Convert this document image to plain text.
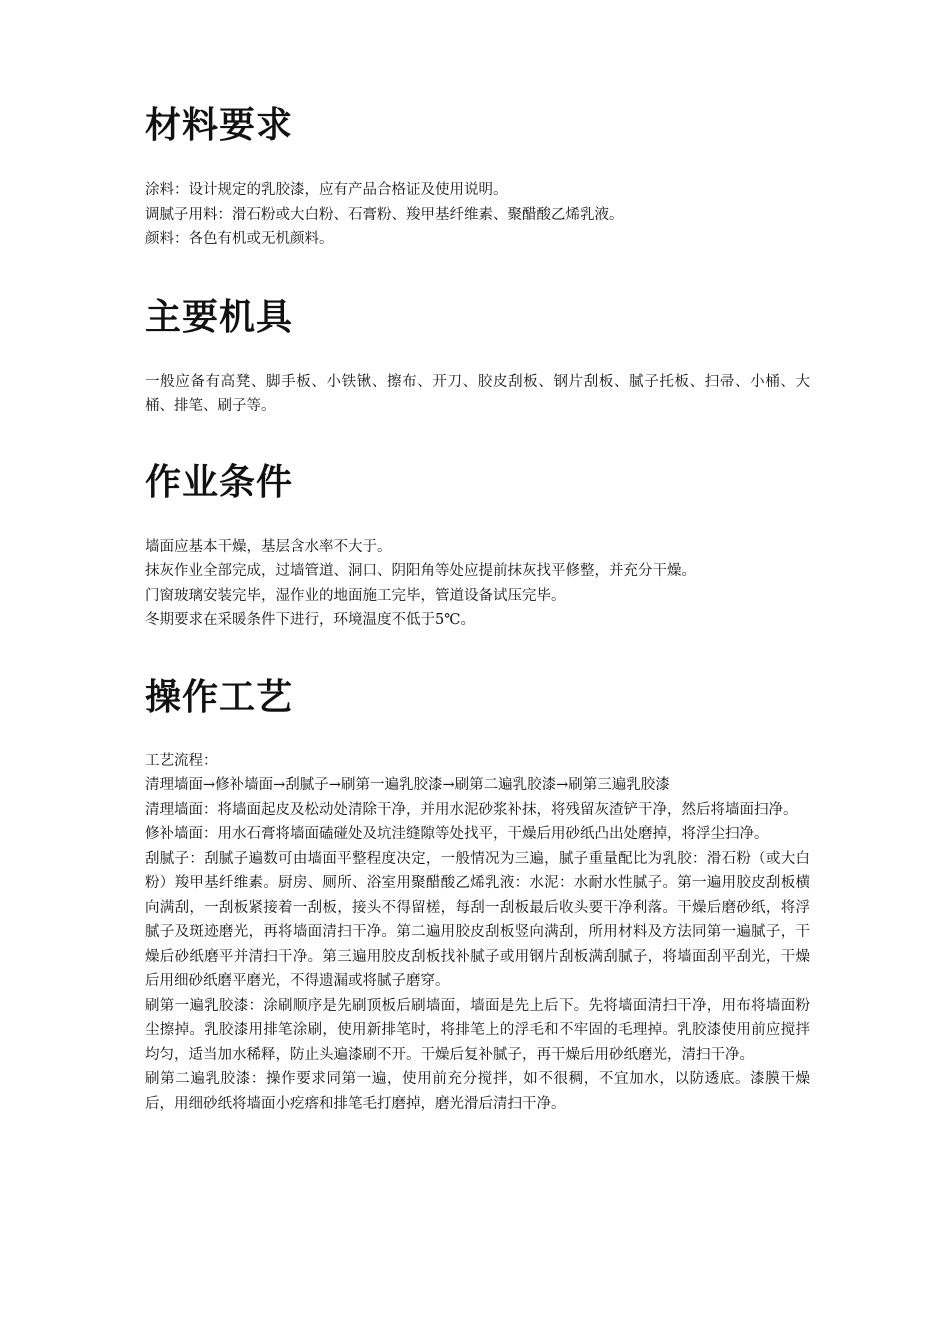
材料要求

涂料：设计规定的乳胶漆，应有产品合格证及使用说明。

调腻子用料：滑石粉或大白粉、石膏粉、羧甲基纤维素、聚醋酸乙烯乳液。

颜料：各色有机或无机颜料。

主要机具

一般应备有高凳、脚手板、小铁锹、擦布、开刀、胶皮刮板、钢片刮板、腻子托板、扫帚、小桶、大桶、排笔、刷子等。

作业条件

墙面应基本干燥，基层含水率不大于。

抹灰作业全部完成，过墙管道、洞口、阴阳角等处应提前抹灰找平修整，并充分干燥。

门窗玻璃安装完毕，湿作业的地面施工完毕，管道设备试压完毕。

冬期要求在采暖条件下进行，环境温度不低于5℃。

操作工艺

工艺流程：

清理墙面→修补墙面→刮腻子→刷第一遍乳胶漆→刷第二遍乳胶漆→刷第三遍乳胶漆

清理墙面：将墙面起皮及松动处清除干净，并用水泥砂浆补抹，将残留灰渣铲干净，然后将墙面扫净。

修补墙面：用水石膏将墙面磕碰处及坑洼缝隙等处找平，干燥后用砂纸凸出处磨掉，将浮尘扫净。

刮腻子：刮腻子遍数可由墙面平整程度决定，一般情况为三遍，腻子重量配比为乳胶：滑石粉（或大白粉）羧甲基纤维素。厨房、厕所、浴室用聚醋酸乙烯乳液：水泥：水耐水性腻子。第一遍用胶皮刮板横向满刮，一刮板紧接着一刮板，接头不得留槎，每刮一刮板最后收头要干净利落。干燥后磨砂纸，将浮腻子及斑迹磨光，再将墙面清扫干净。第二遍用胶皮刮板竖向满刮，所用材料及方法同第一遍腻子，干燥后砂纸磨平并清扫干净。第三遍用胶皮刮板找补腻子或用钢片刮板满刮腻子，将墙面刮平刮光，干燥后用细砂纸磨平磨光，不得遗漏或将腻子磨穿。

刷第一遍乳胶漆：涂刷顺序是先刷顶板后刷墙面，墙面是先上后下。先将墙面清扫干净，用布将墙面粉尘擦掉。乳胶漆用排笔涂刷，使用新排笔时，将排笔上的浮毛和不牢固的毛理掉。乳胶漆使用前应搅拌均匀，适当加水稀释，防止头遍漆刷不开。干燥后复补腻子，再干燥后用砂纸磨光，清扫干净。

刷第二遍乳胶漆：操作要求同第一遍，使用前充分搅拌，如不很稠，不宜加水，以防透底。漆膜干燥后，用细砂纸将墙面小疙瘩和排笔毛打磨掉，磨光滑后清扫干净。
